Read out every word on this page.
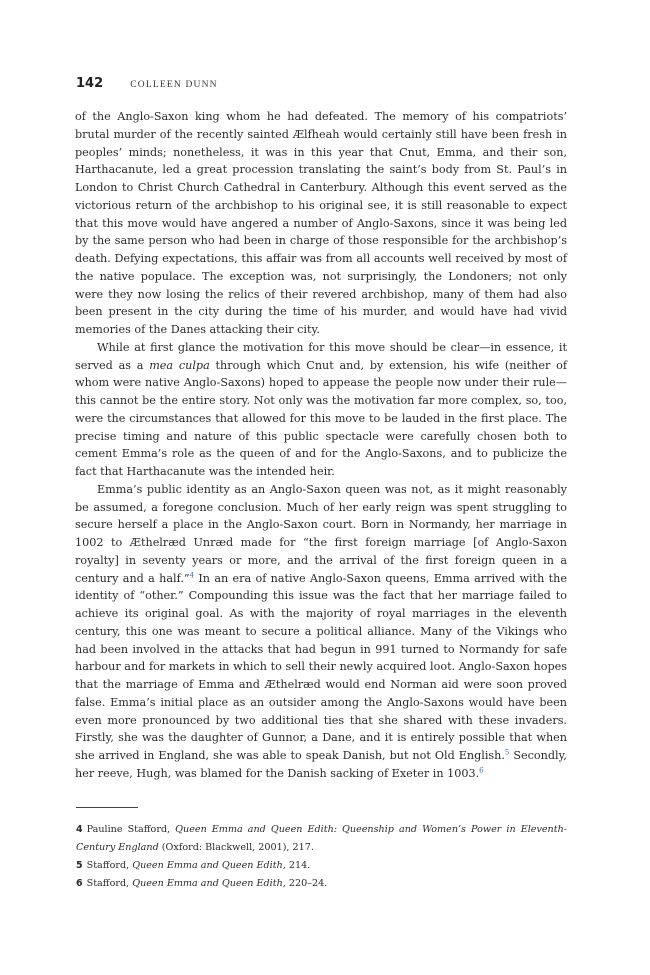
142	COLLEEN DUNN

of the Anglo-Saxon king whom he had defeated. The memory of his compatriots’ brutal murder of the recently sainted Ælfheah would certainly still have been fresh in peoples’ minds; nonetheless, it was in this year that Cnut, Emma, and their son, Harthacanute, led a great procession translating the saint’s body from St. Paul’s in London to Christ Church Cathedral in Canterbury. Although this event served as the victorious return of the archbishop to his original see, it is still reasonable to expect that this move would have angered a number of Anglo-Saxons, since it was being led by the same person who had been in charge of those responsible for the archbishop’s death. Defying expectations, this affair was from all accounts well received by most of the native populace. The exception was, not surprisingly, the Londoners; not only were they now losing the relics of their revered archbishop, many of them had also been present in the city during the time of his murder, and would have had vivid memories of the Danes attacking their city.

While at first glance the motivation for this move should be clear—in essence, it served as a mea culpa through which Cnut and, by extension, his wife (neither of whom were native Anglo-Saxons) hoped to appease the people now under their rule—this cannot be the entire story. Not only was the motivation far more complex, so, too, were the circumstances that allowed for this move to be lauded in the first place. The precise timing and nature of this public spectacle were carefully chosen both to cement Emma’s role as the queen of and for the Anglo-Saxons, and to publicize the fact that Harthacanute was the intended heir.

Emma’s public identity as an Anglo-Saxon queen was not, as it might reasonably be assumed, a foregone conclusion. Much of her early reign was spent struggling to secure herself a place in the Anglo-Saxon court. Born in Normandy, her marriage in 1002 to Æthelræd Unræd made for “the first foreign marriage [of Anglo-Saxon royalty] in seventy years or more, and the arrival of the first foreign queen in a century and a half.”$^4$ In an era of native Anglo-Saxon queens, Emma arrived with the identity of “other.” Compounding this issue was the fact that her marriage failed to achieve its original goal. As with the majority of royal marriages in the eleventh century, this one was meant to secure a political alliance. Many of the Vikings who had been involved in the attacks that had begun in 991 turned to Normandy for safe harbour and for markets in which to sell their newly acquired loot. Anglo-Saxon hopes that the marriage of Emma and Æthelræd would end Norman aid were soon proved false. Emma’s initial place as an outsider among the Anglo-Saxons would have been even more pronounced by two additional ties that she shared with these invaders. Firstly, she was the daughter of Gunnor, a Dane, and it is entirely possible that when she arrived in England, she was able to speak Danish, but not Old English.$^5$ Secondly, her reeve, Hugh, was blamed for the Danish sacking of Exeter in 1003.$^6$

4 Pauline Stafford, Queen Emma and Queen Edith: Queenship and Women’s Power in Eleventh-Century England (Oxford: Blackwell, 2001), 217.

5 Stafford, Queen Emma and Queen Edith, 214.

6 Stafford, Queen Emma and Queen Edith, 220–24.
